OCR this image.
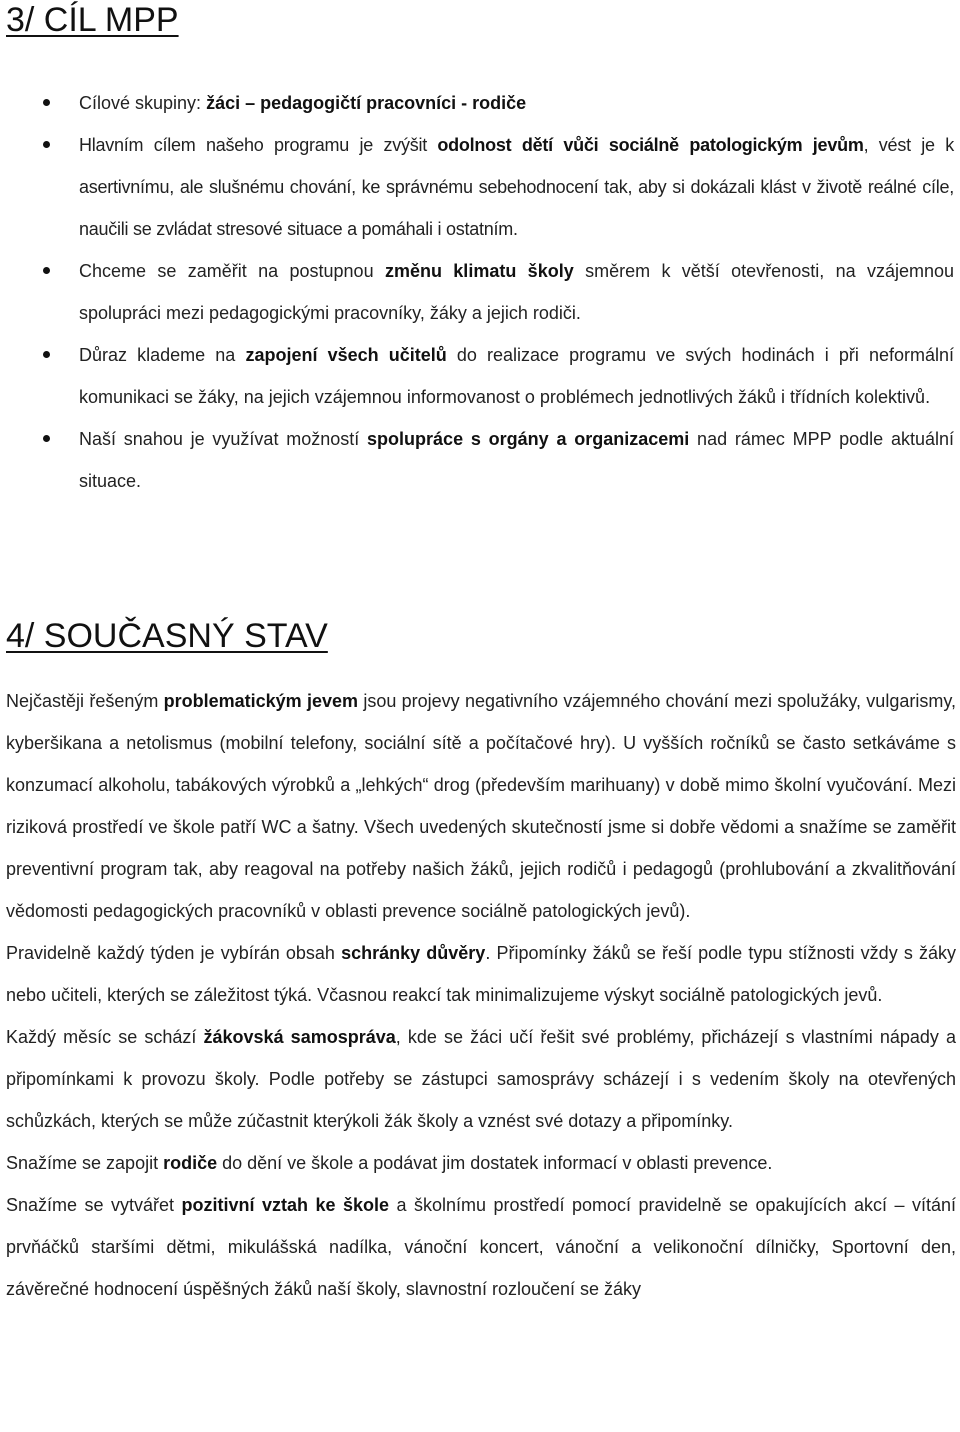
3/ CÍL MPP
Cílové skupiny: žáci – pedagogičtí pracovníci - rodiče
Hlavním cílem našeho programu je zvýšit odolnost dětí vůči sociálně patologickým jevům, vést je k asertivnímu, ale slušnému chování, ke správnému sebehodnocení tak, aby si dokázali klást v životě reálné cíle, naučili se zvládat stresové situace a pomáhali i ostatním.
Chceme se zaměřit na postupnou změnu klimatu školy směrem k větší otevřenosti, na vzájemnou spolupráci mezi pedagogickými pracovníky, žáky a jejich rodiči.
Důraz klademe na zapojení všech učitelů do realizace programu ve svých hodinách i při neformální komunikaci se žáky, na jejich vzájemnou informovanost o problémech jednotlivých žáků i třídních kolektivů.
Naší snahou je využívat možností spolupráce s orgány a organizacemi nad rámec MPP podle aktuální situace.
4/ SOUČASNÝ STAV

Nejčastěji řešeným problematickým jevem jsou projevy negativního vzájemného chování mezi spolužáky, vulgarismy, kyberšikana a netolismus (mobilní telefony, sociální sítě a počítačové hry). U vyšších ročníků se často setkáváme s konzumací alkoholu, tabákových výrobků a „lehkých“ drog (především marihuany) v době mimo školní vyučování. Mezi riziková prostředí ve škole patří WC a šatny. Všech uvedených skutečností jsme si dobře vědomi a snažíme se zaměřit preventivní program tak, aby reagoval na potřeby našich žáků, jejich rodičů i pedagogů (prohlubování a zkvalitňování vědomosti pedagogických pracovníků v oblasti prevence sociálně patologických jevů).

Pravidelně každý týden je vybírán obsah schránky důvěry. Připomínky žáků se řeší podle typu stížnosti vždy s žáky nebo učiteli, kterých se záležitost týká. Včasnou reakcí tak minimalizujeme výskyt sociálně patologických jevů.

Každý měsíc se schází žákovská samospráva, kde se žáci učí řešit své problémy, přicházejí s vlastními nápady a připomínkami k provozu školy. Podle potřeby se zástupci samosprávy scházejí i s vedením školy na otevřených schůzkách, kterých se může zúčastnit kterýkoli žák školy a vznést své dotazy a připomínky.

Snažíme se zapojit rodiče do dění ve škole a podávat jim dostatek informací v oblasti prevence.

Snažíme se vytvářet pozitivní vztah ke škole a školnímu prostředí pomocí pravidelně se opakujících akcí – vítání prvňáčků staršími dětmi, mikulášská nadílka, vánoční koncert, vánoční a velikonoční dílničky, Sportovní den, závěrečné hodnocení úspěšných žáků naší školy, slavnostní rozloučení se žáky
